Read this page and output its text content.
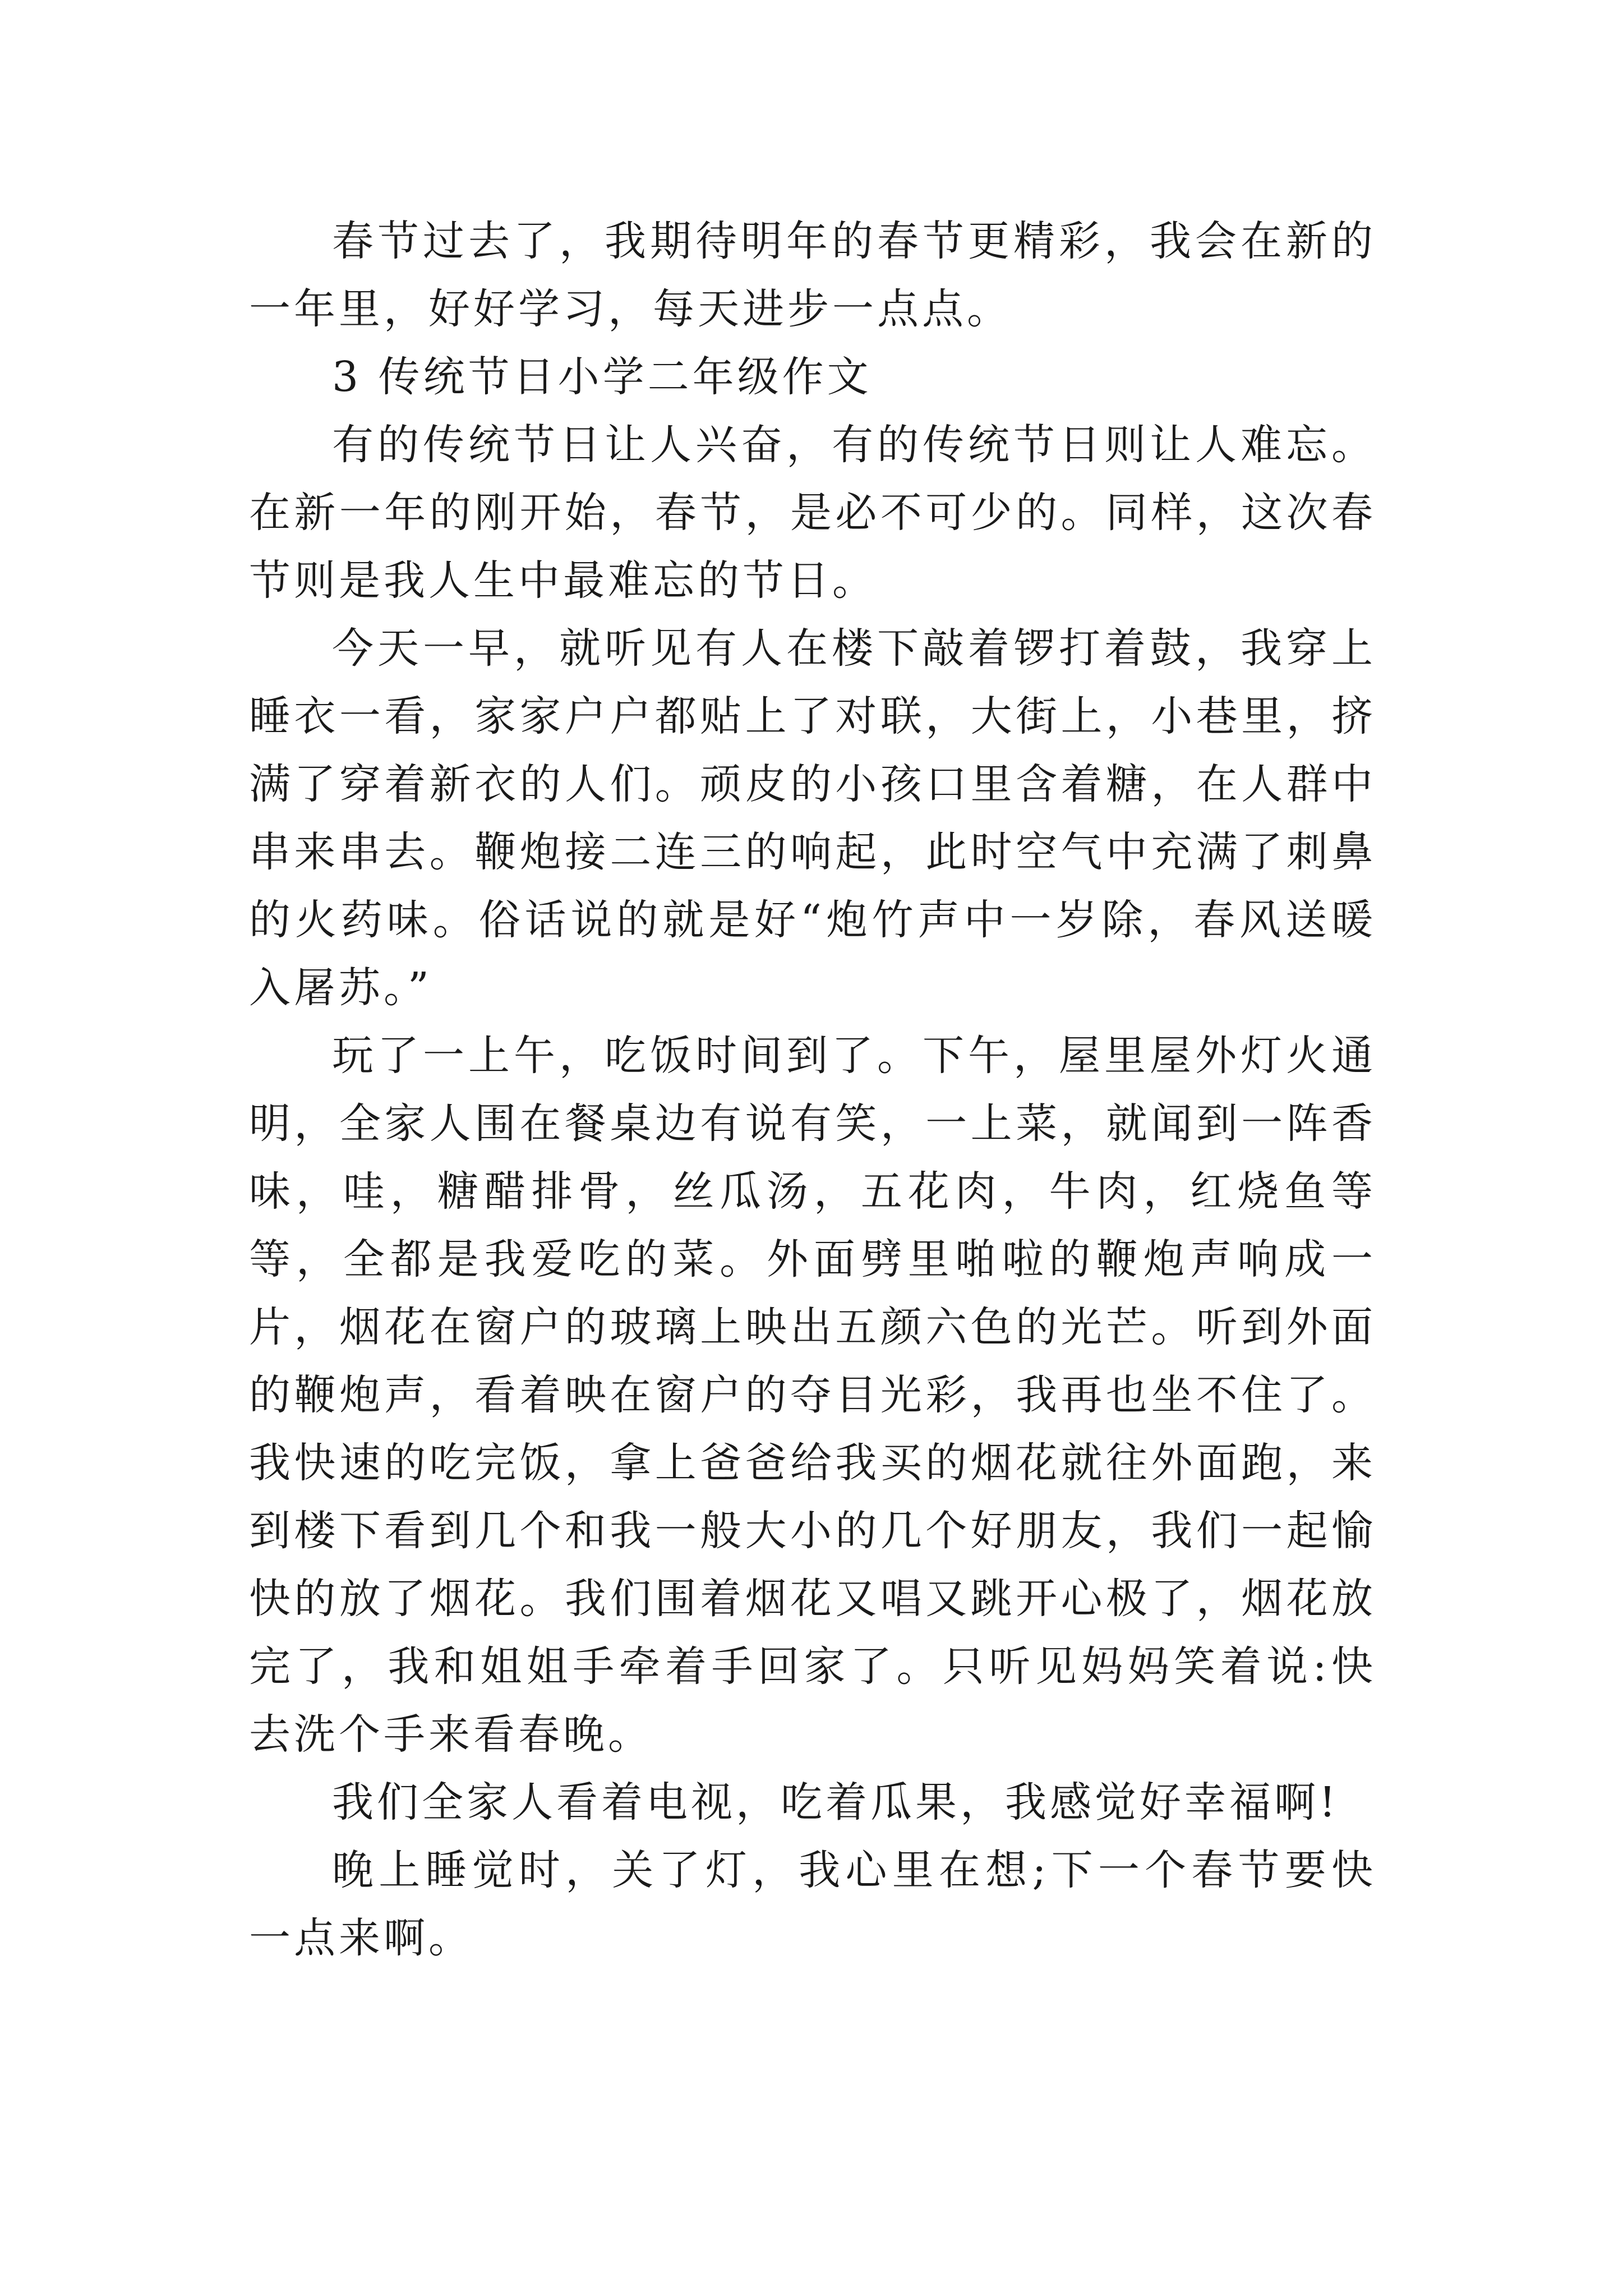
春节过去了，我期待明年的春节更精彩，我会在新的一年里，好好学习，每天进步一点点。

3 传统节日小学二年级作文

有的传统节日让人兴奋，有的传统节日则让人难忘。在新一年的刚开始，春节，是必不可少的。同样，这次春节则是我人生中最难忘的节日。

今天一早，就听见有人在楼下敲着锣打着鼓，我穿上睡衣一看，家家户户都贴上了对联，大街上，小巷里，挤满了穿着新衣的人们。顽皮的小孩口里含着糖，在人群中串来串去。鞭炮接二连三的响起，此时空气中充满了刺鼻的火药味。俗话说的就是好“炮竹声中一岁除，春风送暖入屠苏。”

玩了一上午，吃饭时间到了。下午，屋里屋外灯火通明，全家人围在餐桌边有说有笑，一上菜，就闻到一阵香味，哇，糖醋排骨，丝瓜汤，五花肉，牛肉，红烧鱼等等，全都是我爱吃的菜。外面劈里啪啦的鞭炮声响成一片，烟花在窗户的玻璃上映出五颜六色的光芒。听到外面的鞭炮声，看着映在窗户的夺目光彩，我再也坐不住了。我快速的吃完饭，拿上爸爸给我买的烟花就往外面跑，来到楼下看到几个和我一般大小的几个好朋友，我们一起愉快的放了烟花。我们围着烟花又唱又跳开心极了，烟花放完了，我和姐姐手牵着手回家了。只听见妈妈笑着说:快去洗个手来看春晚。

我们全家人看着电视，吃着瓜果，我感觉好幸福啊!

晚上睡觉时，关了灯，我心里在想;下一个春节要快一点来啊。
